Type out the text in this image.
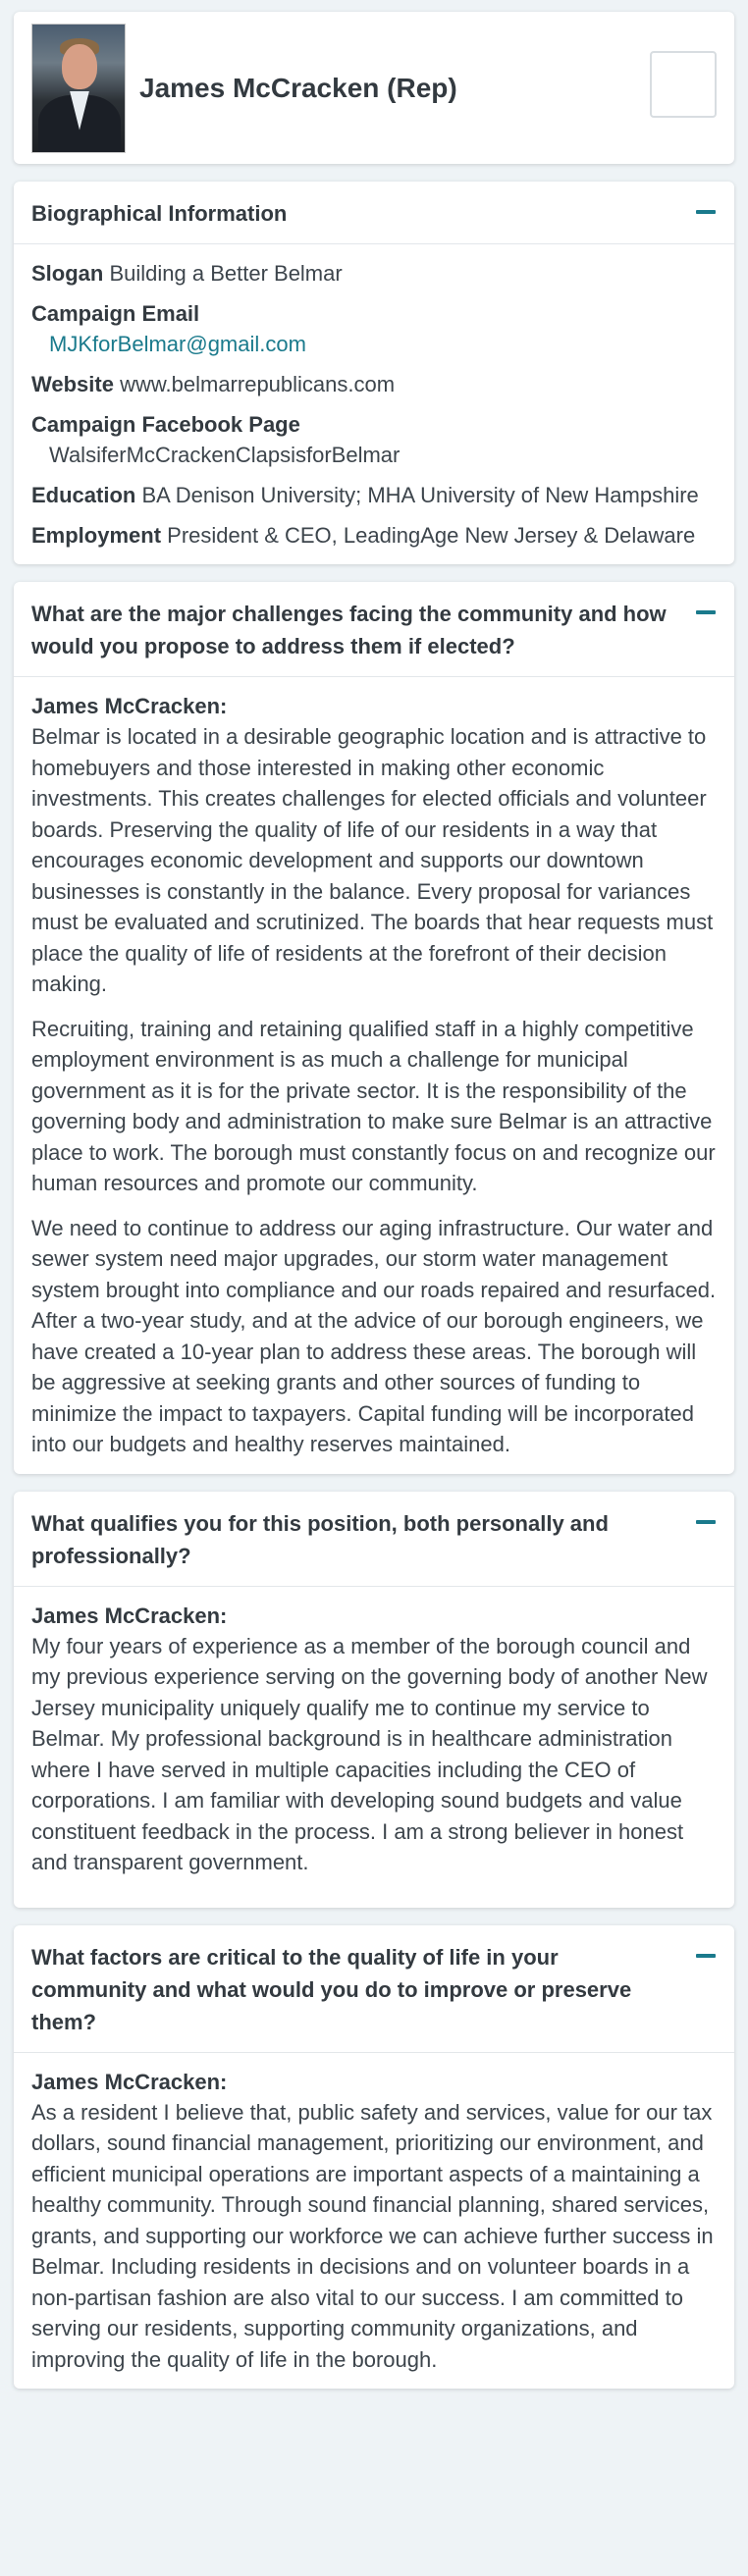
James McCracken (Rep)
Biographical Information
Slogan Building a Better Belmar
Campaign Email
MJKforBelmar@gmail.com
Website www.belmarrepublicans.com
Campaign Facebook Page
WalsiferMcCrackenClapsisforBelmar
Education BA Denison University; MHA University of New Hampshire
Employment President & CEO, LeadingAge New Jersey & Delaware
What are the major challenges facing the community and how would you propose to address them if elected?
James McCracken:

Belmar is located in a desirable geographic location and is attractive to homebuyers and those interested in making other economic investments. This creates challenges for elected officials and volunteer boards. Preserving the quality of life of our residents in a way that encourages economic development and supports our downtown businesses is constantly in the balance. Every proposal for variances must be evaluated and scrutinized. The boards that hear requests must place the quality of life of residents at the forefront of their decision making.

Recruiting, training and retaining qualified staff in a highly competitive employment environment is as much a challenge for municipal government as it is for the private sector. It is the responsibility of the governing body and administration to make sure Belmar is an attractive place to work. The borough must constantly focus on and recognize our human resources and promote our community.

We need to continue to address our aging infrastructure. Our water and sewer system need major upgrades, our storm water management system brought into compliance and our roads repaired and resurfaced. After a two-year study, and at the advice of our borough engineers, we have created a 10-year plan to address these areas. The borough will be aggressive at seeking grants and other sources of funding to minimize the impact to taxpayers. Capital funding will be incorporated into our budgets and healthy reserves maintained.

What qualifies you for this position, both personally and professionally?
James McCracken:

My four years of experience as a member of the borough council and my previous experience serving on the governing body of another New Jersey municipality uniquely qualify me to continue my service to Belmar. My professional background is in healthcare administration where I have served in multiple capacities including the CEO of corporations. I am familiar with developing sound budgets and value constituent feedback in the process. I am a strong believer in honest and transparent government.

What factors are critical to the quality of life in your community and what would you do to improve or preserve them?
James McCracken:

As a resident I believe that, public safety and services, value for our tax dollars, sound financial management, prioritizing our environment, and efficient municipal operations are important aspects of a maintaining a healthy community. Through sound financial planning, shared services, grants, and supporting our workforce we can achieve further success in Belmar. Including residents in decisions and on volunteer boards in a non-partisan fashion are also vital to our success. I am committed to serving our residents, supporting community organizations, and improving the quality of life in the borough.
